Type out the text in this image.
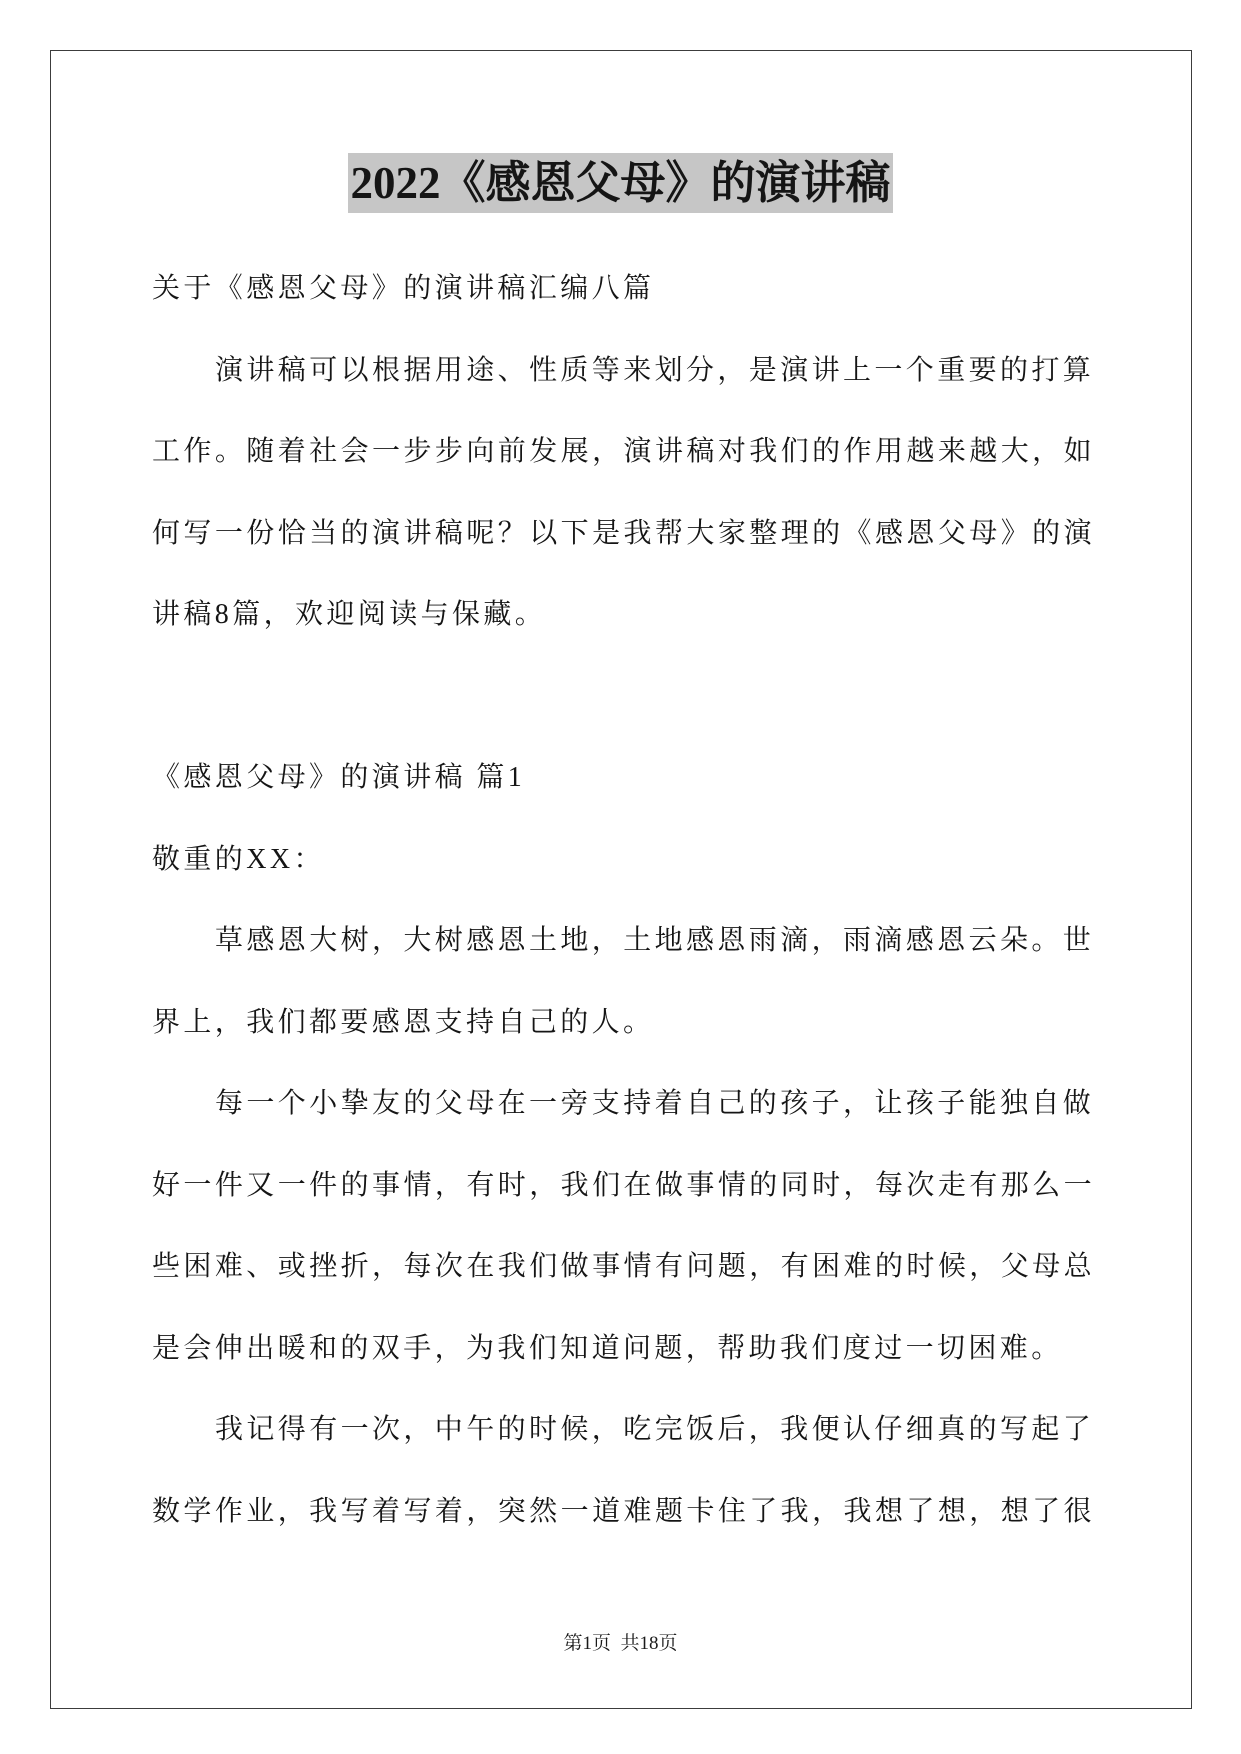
2022《感恩父母》的演讲稿
关于《感恩父母》的演讲稿汇编八篇
演讲稿可以根据用途、性质等来划分，是演讲上一个重要的打算
工作。随着社会一步步向前发展，演讲稿对我们的作用越来越大，如
何写一份恰当的演讲稿呢？以下是我帮大家整理的《感恩父母》的演
讲稿8篇，欢迎阅读与保藏。
《感恩父母》的演讲稿 篇1
敬重的XX：
草感恩大树，大树感恩土地，土地感恩雨滴，雨滴感恩云朵。世
界上，我们都要感恩支持自己的人。
每一个小挚友的父母在一旁支持着自己的孩子，让孩子能独自做
好一件又一件的事情，有时，我们在做事情的同时，每次走有那么一
些困难、或挫折，每次在我们做事情有问题，有困难的时候，父母总
是会伸出暖和的双手，为我们知道问题，帮助我们度过一切困难。
我记得有一次，中午的时候，吃完饭后，我便认仔细真的写起了
数学作业，我写着写着，突然一道难题卡住了我，我想了想，想了很
第1页  共18页
